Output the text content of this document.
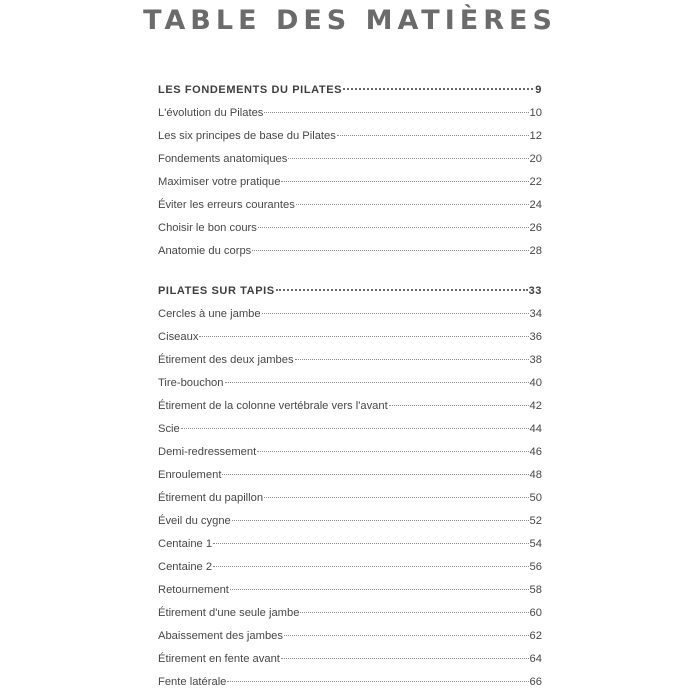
TABLE DES MATIÈRES
LES FONDEMENTS DU PILATES	9
L'évolution du Pilates	10
Les six principes de base du Pilates	12
Fondements anatomiques	20
Maximiser votre pratique	22
Éviter les erreurs courantes	24
Choisir le bon cours	26
Anatomie du corps	28
PILATES SUR TAPIS	33
Cercles à une jambe	34
Ciseaux	36
Étirement des deux jambes	38
Tire-bouchon	40
Étirement de la colonne vertébrale vers l'avant	42
Scie	44
Demi-redressement	46
Enroulement	48
Étirement du papillon	50
Éveil du cygne	52
Centaine 1	54
Centaine 2	56
Retournement	58
Étirement d'une seule jambe	60
Abaissement des jambes	62
Étirement en fente avant	64
Fente latérale	66
